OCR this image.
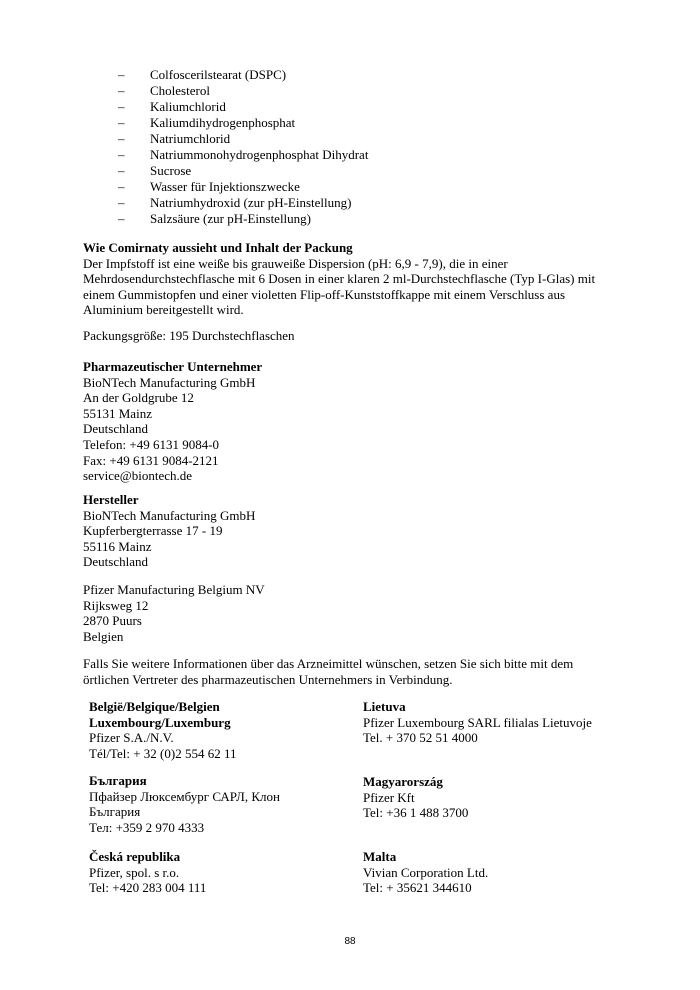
– Colfoscerilstearat (DSPC)
– Cholesterol
– Kaliumchlorid
– Kaliumdihydrogenphosphat
– Natriumchlorid
– Natriummonohydrogenphosphat Dihydrat
– Sucrose
– Wasser für Injektionszwecke
– Natriumhydroxid (zur pH-Einstellung)
– Salzsäure (zur pH-Einstellung)
Wie Comirnaty aussieht und Inhalt der Packung
Der Impfstoff ist eine weiße bis grauweiße Dispersion (pH: 6,9 - 7,9), die in einer
Mehrdosendurchstechflasche mit 6 Dosen in einer klaren 2 ml-Durchstechflasche (Typ I-Glas) mit
einem Gummistopfen und einer violetten Flip-off-Kunststoffkappe mit einem Verschluss aus
Aluminium bereitgestellt wird.
Packungsgröße: 195 Durchstechflaschen
Pharmazeutischer Unternehmer
BioNTech Manufacturing GmbH
An der Goldgrube 12
55131 Mainz
Deutschland
Telefon: +49 6131 9084-0
Fax: +49 6131 9084-2121
service@biontech.de
Hersteller
BioNTech Manufacturing GmbH
Kupferbergterrasse 17 - 19
55116 Mainz
Deutschland
Pfizer Manufacturing Belgium NV
Rijksweg 12
2870 Puurs
Belgien
Falls Sie weitere Informationen über das Arzneimittel wünschen, setzen Sie sich bitte mit dem
örtlichen Vertreter des pharmazeutischen Unternehmers in Verbindung.
België/Belgique/Belgien
Luxembourg/Luxemburg
Pfizer S.A./N.V.
Tél/Tel: + 32 (0)2 554 62 11
България
Пфайзер Люксембург САРЛ, Клон
България
Тел: +359 2 970 4333
Česká republika
Pfizer, spol. s r.o.
Tel: +420 283 004 111
Lietuva
Pfizer Luxembourg SARL filialas Lietuvoje
Tel. + 370 52 51 4000
Magyarország
Pfizer Kft
Tel: +36 1 488 3700
Malta
Vivian Corporation Ltd.
Tel: + 35621 344610
88
